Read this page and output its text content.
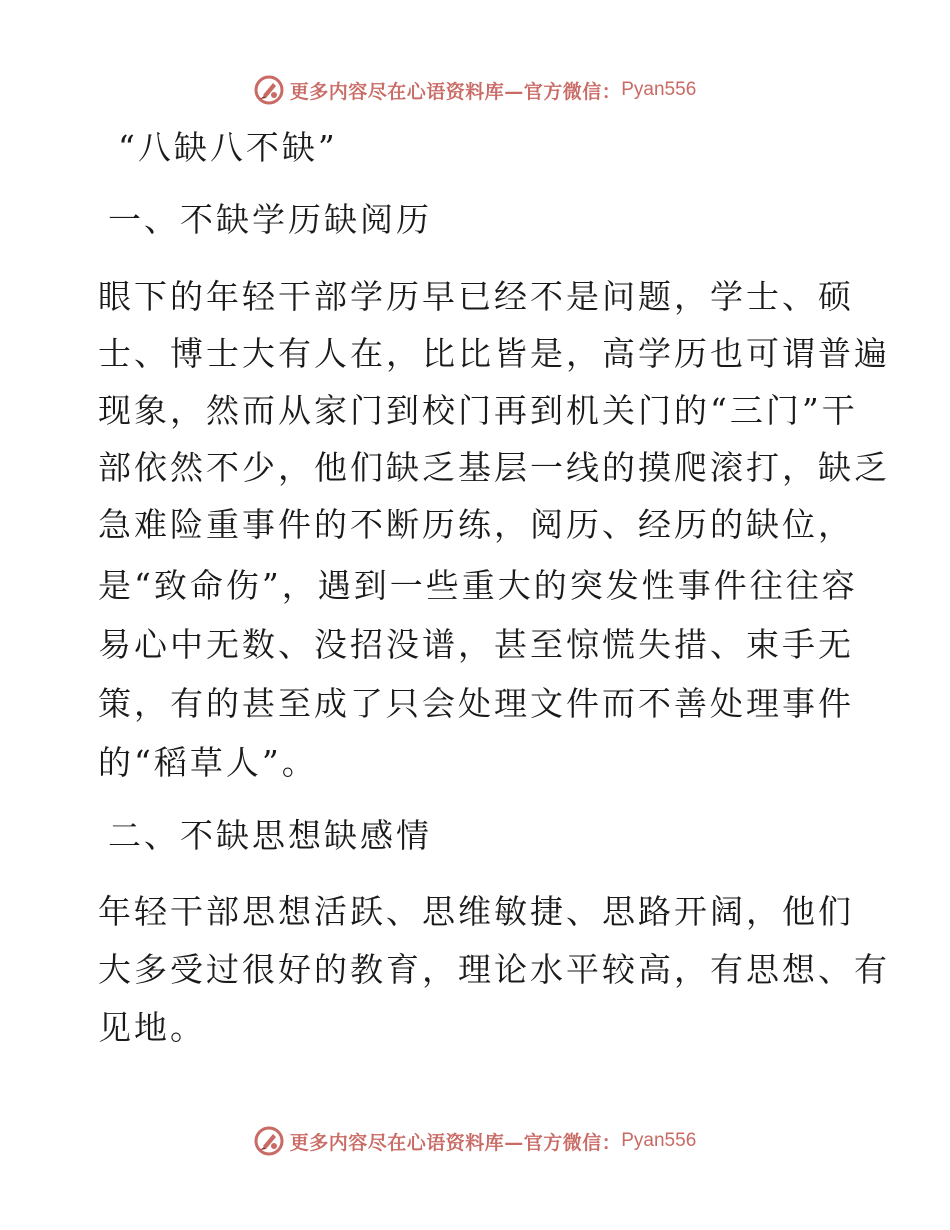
更多内容尽在心语资料库—官方微信： Pyan556
“八缺八不缺”
一、不缺学历缺阅历
眼下的年轻干部学历早已经不是问题，学士、硕
士、博士大有人在，比比皆是，高学历也可谓普遍
现象，然而从家门到校门再到机关门的“三门”干
部依然不少，他们缺乏基层一线的摸爬滚打，缺乏
急难险重事件的不断历练，阅历、经历的缺位，
是“致命伤”，遇到一些重大的突发性事件往往容
易心中无数、没招没谱，甚至惊慌失措、束手无
策，有的甚至成了只会处理文件而不善处理事件
的“稻草人”。
二、不缺思想缺感情
年轻干部思想活跃、思维敏捷、思路开阔，他们
大多受过很好的教育，理论水平较高，有思想、有
见地。
更多内容尽在心语资料库—官方微信： Pyan556
